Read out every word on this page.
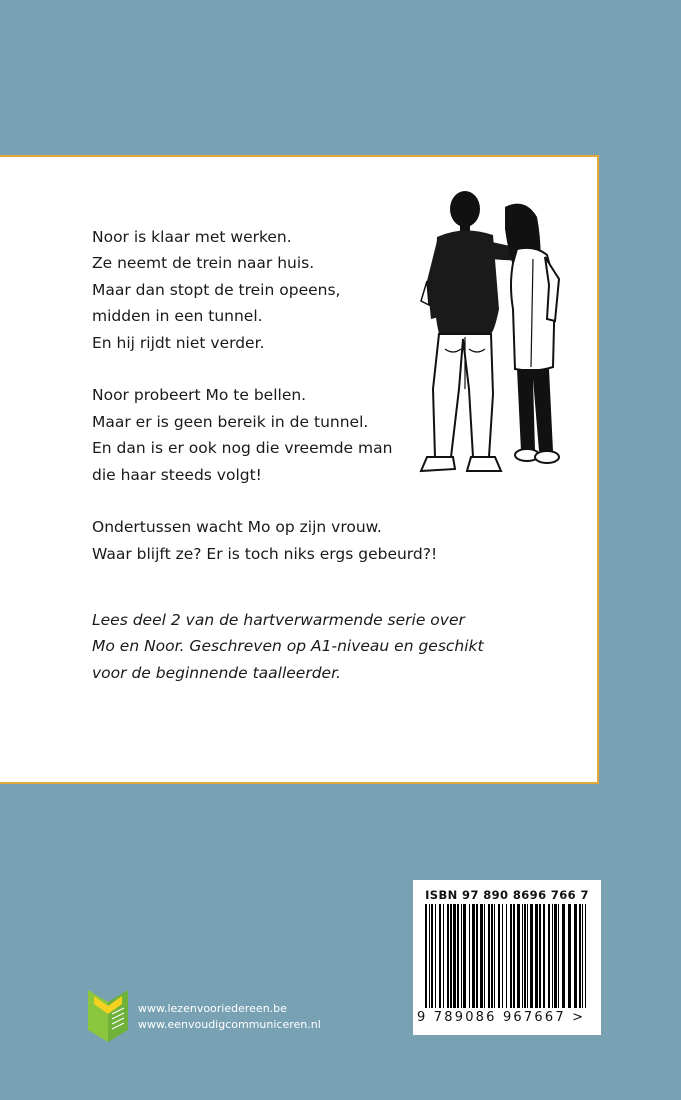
Noor is klaar met werken.
Ze neemt de trein naar huis.
Maar dan stopt de trein opeens,
midden in een tunnel.
En hij rijdt niet verder.

Noor probeert Mo te bellen.
Maar er is geen bereik in de tunnel.
En dan is er ook nog die vreemde man
die haar steeds volgt!

Ondertussen wacht Mo op zijn vrouw.
Waar blijft ze? Er is toch niks ergs gebeurd?!

Lees deel 2 van de hartverwarmende serie over
Mo en Noor. Geschreven op A1-niveau en geschikt
voor de beginnende taalleerder.
ISBN 97 890 8696 766 7
9 789086 967667 >
www.lezenvooriedereen.be
www.eenvoudigcommuniceren.nl
